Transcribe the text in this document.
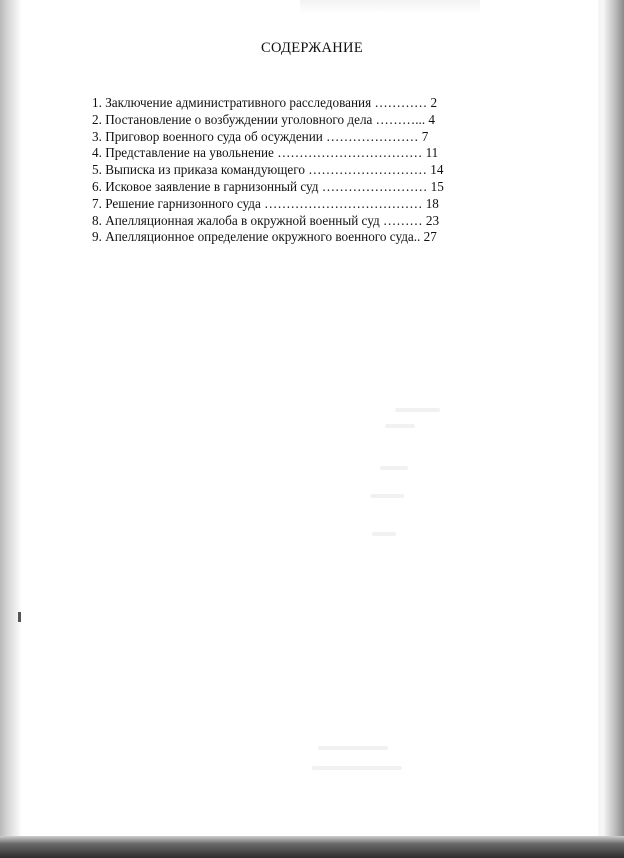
СОДЕРЖАНИЕ
1. Заключение административного расследования ………… 2
2. Постановление о возбуждении уголовного дела ………... 4
3. Приговор военного суда об осуждении ………………… 7
4. Представление на увольнение …………………………… 11
5. Выписка из приказа командующего ……………………… 14
6. Исковое заявление в гарнизонный суд …………………… 15
7. Решение гарнизонного суда ……………………………… 18
8. Апелляционная жалоба в окружной военный суд ……… 23
9. Апелляционное определение окружного военного суда.. 27
